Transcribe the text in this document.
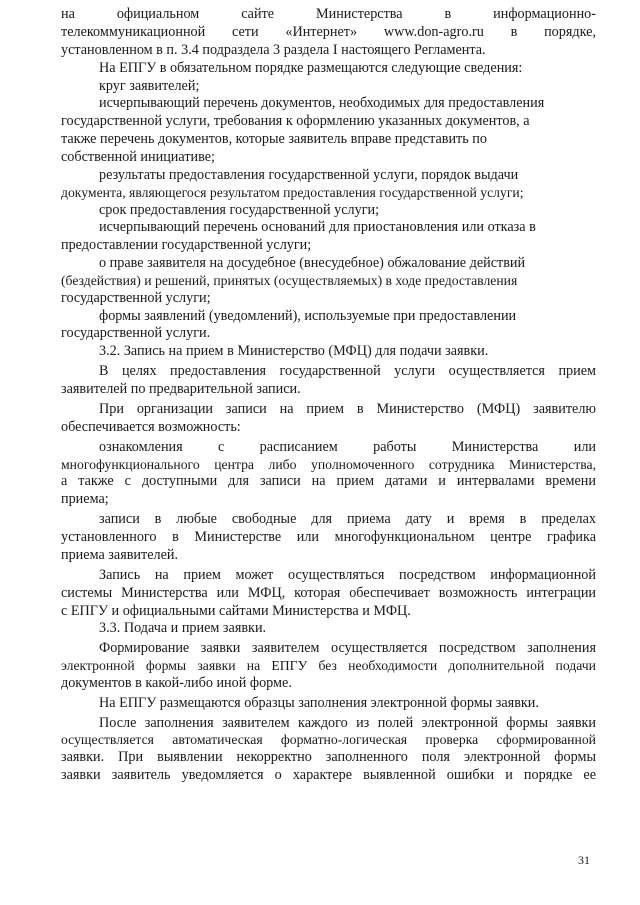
на официальном сайте Министерства в информационно-
телекоммуникационной сети «Интернет» www.don-agro.ru в порядке,
установленном в п. 3.4 подраздела 3 раздела I настоящего Регламента.
На ЕПГУ в обязательном порядке размещаются следующие сведения:
круг заявителей;
исчерпывающий перечень документов, необходимых для предоставления
государственной услуги, требования к оформлению указанных документов, а
также перечень документов, которые заявитель вправе представить по
собственной инициативе;
результаты предоставления государственной услуги, порядок выдачи
документа, являющегося результатом предоставления государственной услуги;
срок предоставления государственной услуги;
исчерпывающий перечень оснований для приостановления или отказа в
предоставлении государственной услуги;
о праве заявителя на досудебное (внесудебное) обжалование действий
(бездействия) и решений, принятых (осуществляемых) в ходе предоставления
государственной услуги;
формы заявлений (уведомлений), используемые при предоставлении
государственной услуги.
3.2. Запись на прием в Министерство (МФЦ) для подачи заявки.
В целях предоставления государственной услуги осуществляется прием
заявителей по предварительной записи.
При организации записи на прием в Министерство (МФЦ) заявителю
обеспечивается возможность:
ознакомления с расписанием работы Министерства или
многофункционального центра либо уполномоченного сотрудника Министерства,
а также с доступными для записи на прием датами и интервалами времени
приема;
записи в любые свободные для приема дату и время в пределах
установленного в Министерстве или многофункциональном центре графика
приема заявителей.
Запись на прием может осуществляться посредством информационной
системы Министерства или МФЦ, которая обеспечивает возможность интеграции
с ЕПГУ и официальными сайтами Министерства и МФЦ.
3.3. Подача и прием заявки.
Формирование заявки заявителем осуществляется посредством заполнения
электронной формы заявки на ЕПГУ без необходимости дополнительной подачи
документов в какой-либо иной форме.
На ЕПГУ размещаются образцы заполнения электронной формы заявки.
После заполнения заявителем каждого из полей электронной формы заявки
осуществляется автоматическая форматно-логическая проверка сформированной
заявки. При выявлении некорректно заполненного поля электронной формы
заявки заявитель уведомляется о характере выявленной ошибки и порядке ее
31
